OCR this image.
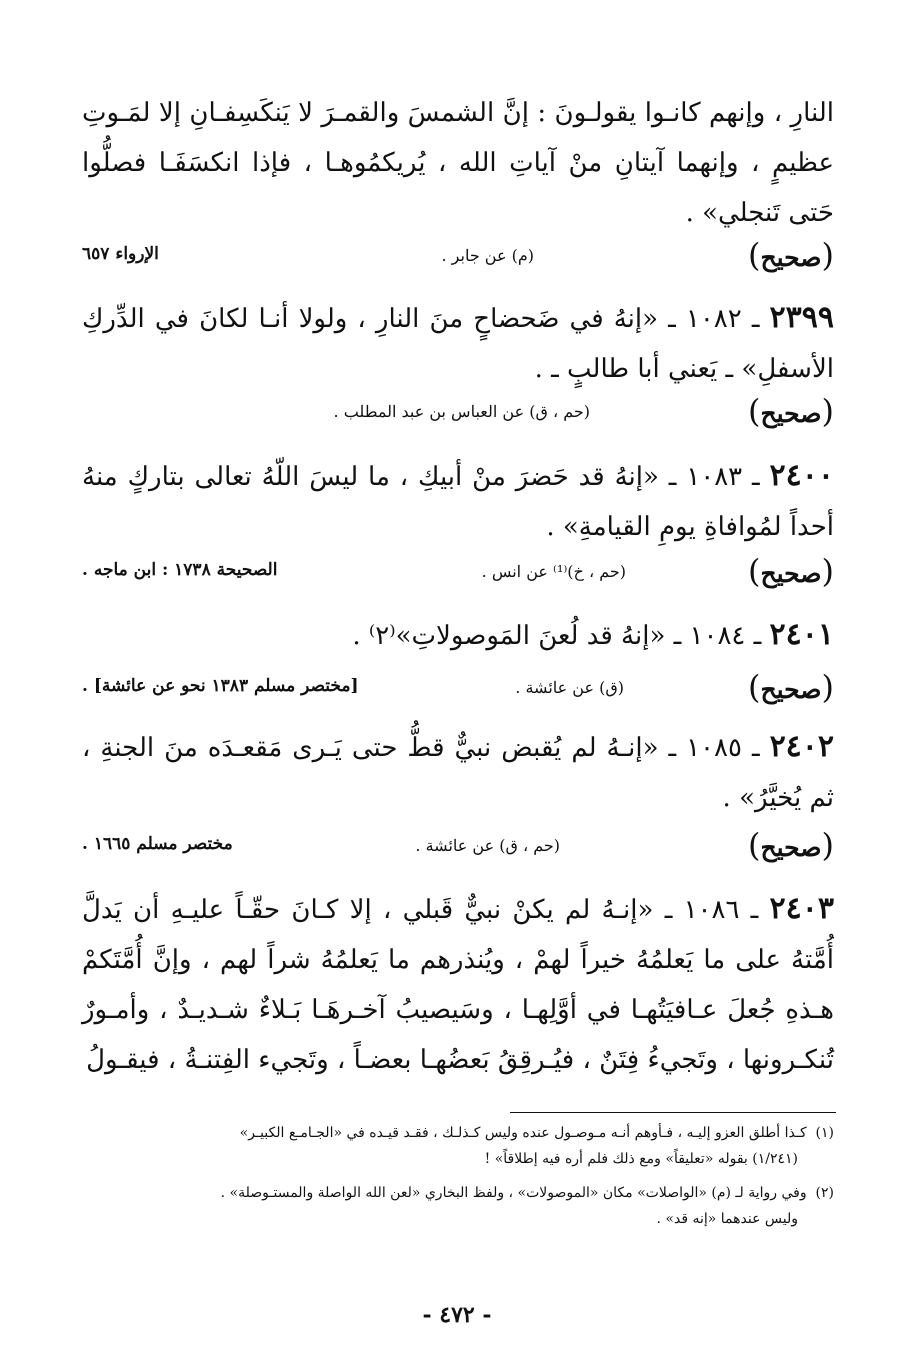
النارِ ، وإنهم كانـوا يقولـونَ : إنَّ الشمسَ والقمـرَ لا يَنكَسِفـانِ إلا لمَـوتِ عظيمٍ ، وإنهما آيتانِ منْ آياتِ الله ، يُريكمُوهـا ، فإذا انكسَفَـا فصلُّوا حَتى تَنجلي» .
(صحيح)
(م) عن جابر .
الإرواء ٦٥٧
٢٣٩٩ ـ ١٠٨٢ ـ «إنهُ في ضَحضاحٍ منَ النارِ ، ولولا أنـا لكانَ في الدِّركِ الأسفلِ» ـ يَعني أبا طالبٍ ـ .
(صحيح)
(حم ، ق) عن العباس بن عبد المطلب .
٢٤٠٠ ـ ١٠٨٣ ـ «إنهُ قد حَضرَ منْ أبيكِ ، ما ليسَ اللّهُ تعالى بتاركٍ منهُ أحداً لمُوافاةِ يومِ القيامةِ» .
(صحيح)
(حم ، خ)⁽¹⁾ عن انس .
الصحيحة ١٧٣٨ : ابن ماجه .
٢٤٠١ ـ ١٠٨٤ ـ «إنهُ قد لُعنَ المَوصولاتِ»⁽٢⁾ .
(صحيح)
(ق) عن عائشة .
[مختصر مسلم ١٣٨٣ نحو عن عائشة] .
٢٤٠٢ ـ ١٠٨٥ ـ «إنـهُ لم يُقبض نبيٌّ قطُّ حتى يَـرى مَقعـدَه منَ الجنةِ ، ثم يُخيَّرُ» .
(صحيح)
(حم ، ق) عن عائشة .
مختصر مسلم ١٦٦٥ .
٢٤٠٣ ـ ١٠٨٦ ـ «إنـهُ لم يكنْ نبيٌّ قَبلي ، إلا كـانَ حقّـاً عليـهِ أن يَدلَّ أُمَّتهُ على ما يَعلمُهُ خيراً لهمْ ، ويُنذرهم ما يَعلمُهُ شراً لهم ، وإنَّ أُمَّتَكمْ هـذهِ جُعلَ عـافيَتُهـا في أوَّلِهـا ، وسَيصيبُ آخـرهَـا بَـلاءٌ شـديـدٌ ، وأمـورٌ تُنكـرونها ، وتَجيءُ فِتَنٌ ، فيُـرقِقُ بَعضُهـا بعضـاً ، وتَجيء الفِتنـةُ ، فيقـولُ
(١)  كـذا أطلق العزو إليـه ، فـأوهم أنـه مـوصـول عنده وليس كـذلـك ، فقـد قيـده في «الجـامـع الكبيـر»
(١/٢٤١) بقوله «تعليقاً» ومع ذلك فلم أره فيه إطلاقاً» !
(٢)  وفي رواية لـ (م) «الواصلات» مكان «الموصولات» ، ولفظ البخاري «لعن الله الواصلة والمستـوصلة» .
وليس عندهما «إنه قد» .
- ٤٧٢ -
